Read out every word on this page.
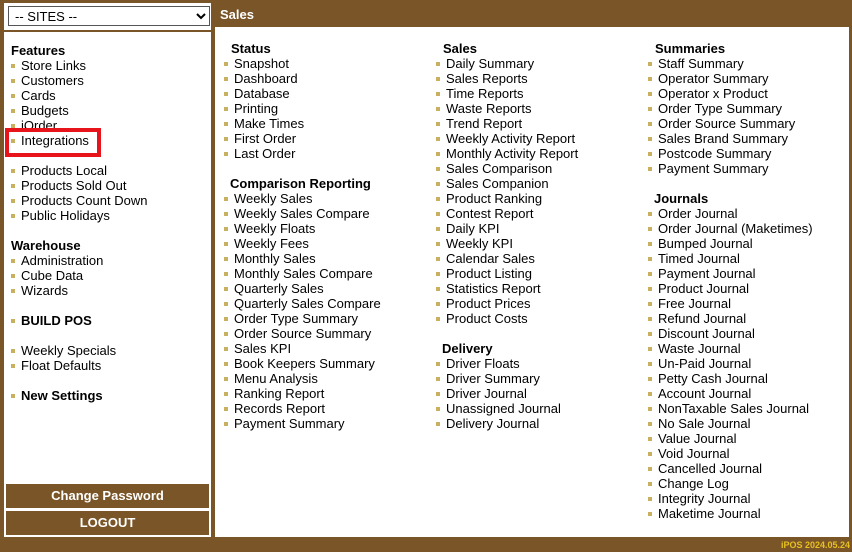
-- SITES --
Features
Store Links
Customers
Cards
Budgets
iOrder
Integrations
Products Local
Products Sold Out
Products Count Down
Public Holidays
Warehouse
Administration
Cube Data
Wizards
BUILD POS
Weekly Specials
Float Defaults
New Settings
Change Password
LOGOUT
Sales
Status
Snapshot
Dashboard
Database
Printing
Make Times
First Order
Last Order
Comparison Reporting
Weekly Sales
Weekly Sales Compare
Weekly Floats
Weekly Fees
Monthly Sales
Monthly Sales Compare
Quarterly Sales
Quarterly Sales Compare
Order Type Summary
Order Source Summary
Sales KPI
Book Keepers Summary
Menu Analysis
Ranking Report
Records Report
Payment Summary
Sales
Daily Summary
Sales Reports
Time Reports
Waste Reports
Trend Report
Weekly Activity Report
Monthly Activity Report
Sales Comparison
Sales Companion
Product Ranking
Contest Report
Daily KPI
Weekly KPI
Calendar Sales
Product Listing
Statistics Report
Product Prices
Product Costs
Delivery
Driver Floats
Driver Summary
Driver Journal
Unassigned Journal
Delivery Journal
Summaries
Staff Summary
Operator Summary
Operator x Product
Order Type Summary
Order Source Summary
Sales Brand Summary
Postcode Summary
Payment Summary
Journals
Order Journal
Order Journal (Maketimes)
Bumped Journal
Timed Journal
Payment Journal
Product Journal
Free Journal
Refund Journal
Discount Journal
Waste Journal
Un-Paid Journal
Petty Cash Journal
Account Journal
NonTaxable Sales Journal
No Sale Journal
Value Journal
Void Journal
Cancelled Journal
Change Log
Integrity Journal
Maketime Journal
iPOS 2024.05.24
